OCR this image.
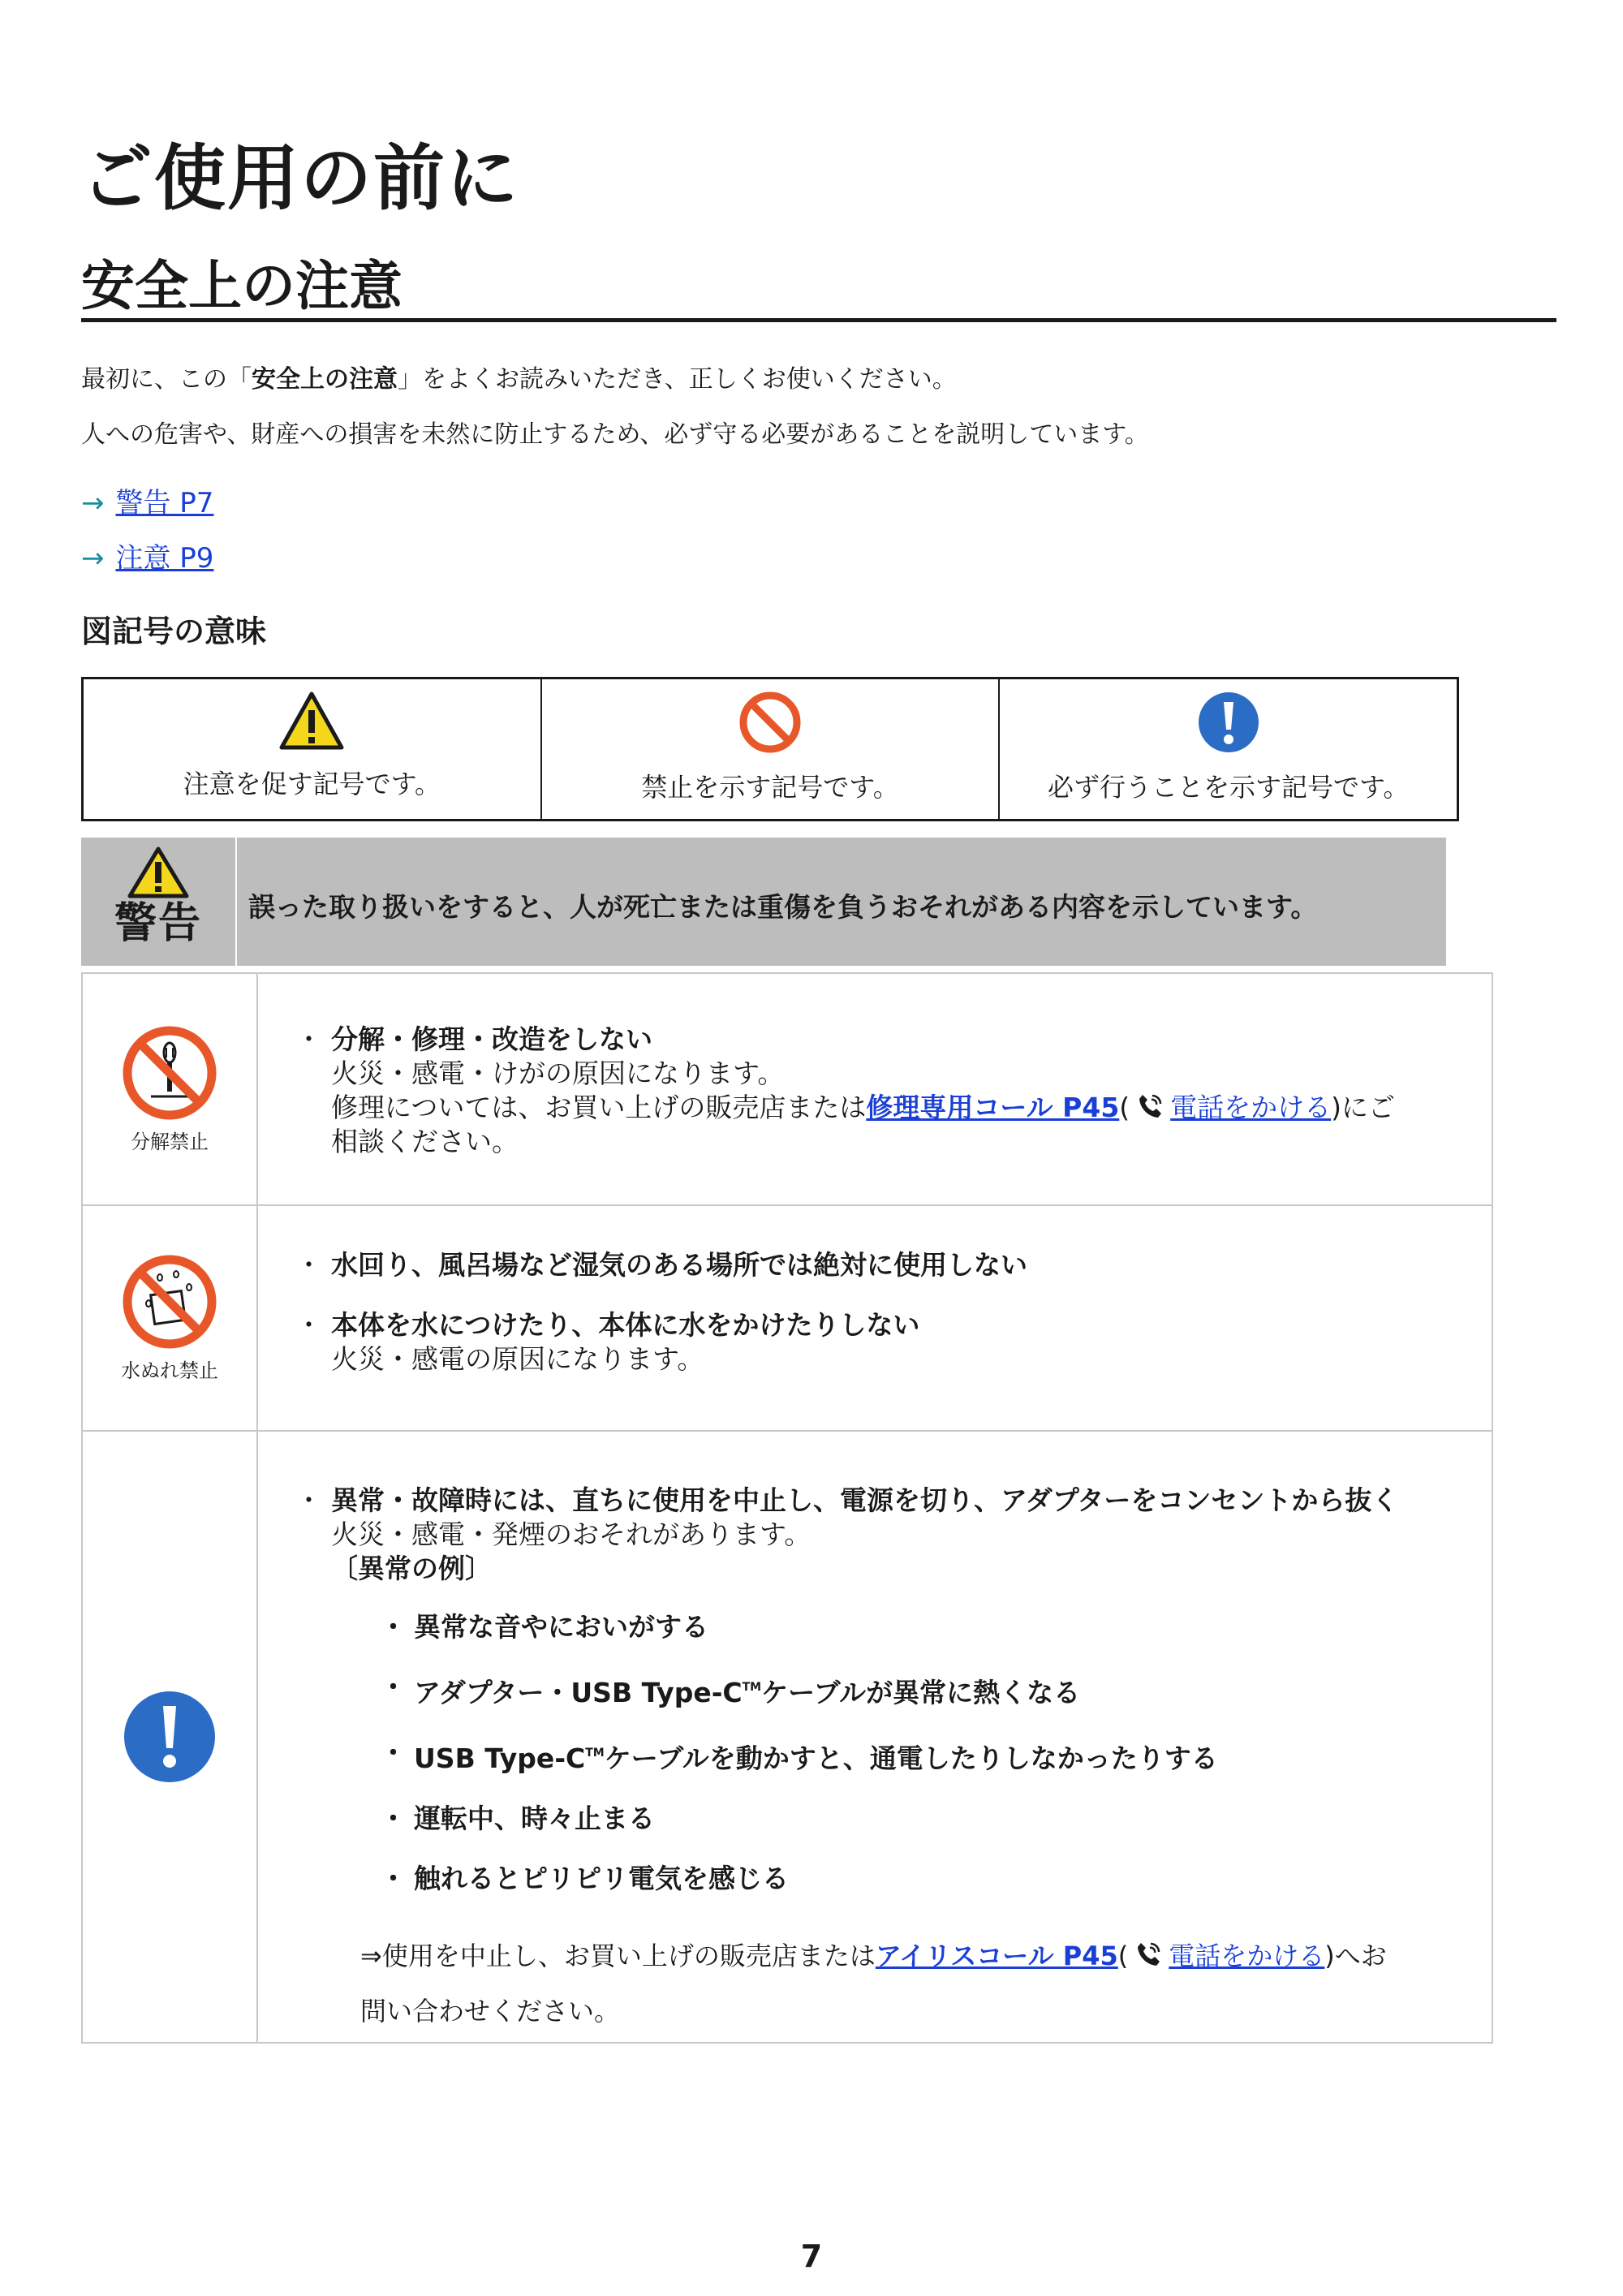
ご使用の前に
安全上の注意
最初に、この「安全上の注意」をよくお読みいただき、正しくお使いください。
人への危害や、財産への損害を未然に防止するため、必ず守る必要があることを説明しています。
→ 警告 P7
→ 注意 P9
図記号の意味
注意を促す記号です。	禁止を示す記号です。	必ず行うことを示す記号です。
警告	誤った取り扱いをすると、人が死亡または重傷を負うおそれがある内容を示しています。
分解禁止
・ 分解・修理・改造をしない
火災・感電・けがの原因になります。
修理については、お買い上げの販売店または修理専用コール P45( 電話をかける)にご
相談ください。
水ぬれ禁止
・ 水回り、風呂場など湿気のある場所では絶対に使用しない
・ 本体を水につけたり、本体に水をかけたりしない
火災・感電の原因になります。
・ 異常・故障時には、直ちに使用を中止し、電源を切り、アダプターをコンセントから抜く
火災・感電・発煙のおそれがあります。
〔異常の例〕
・ 異常な音やにおいがする
・ アダプター・USB Type-C™ケーブルが異常に熱くなる
・ USB Type-C™ケーブルを動かすと、通電したりしなかったりする
・ 運転中、時々止まる
・ 触れるとピリピリ電気を感じる
⇒使用を中止し、お買い上げの販売店またはアイリスコール P45( 電話をかける)へお
問い合わせください。
7
